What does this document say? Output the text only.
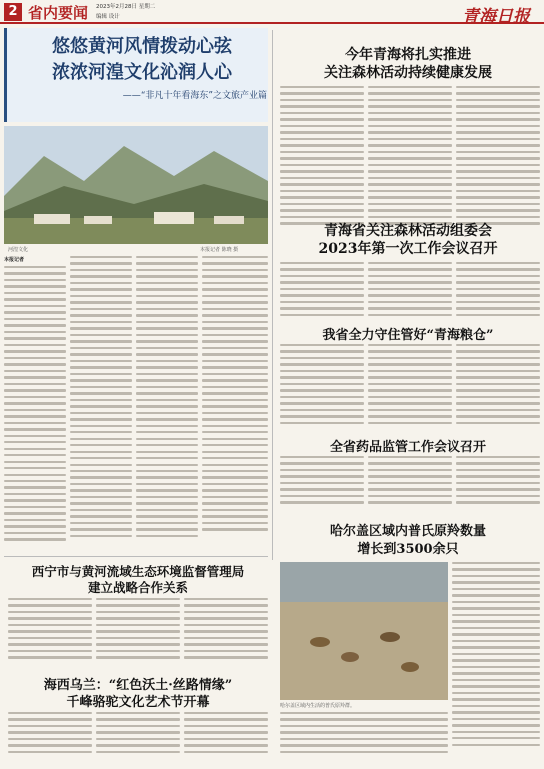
2 省内要闻 2023年2月28日 星期二
编辑 设计	青海日报
悠悠黄河风情拨动心弦
浓浓河湟文化沁润人心
——“非凡十年看海东”之文旅产业篇
河湟文化	本报记者 陈晓 摄
本报记者
今年青海将扎实推进
关注森林活动持续健康发展
青海省关注森林活动组委会
2023年第一次工作会议召开
我省全力守住管好“青海粮仓”
全省药品监管工作会议召开
哈尔盖区域内普氏原羚数量
增长到3500余只
哈尔盖区域内生活的普氏原羚群。
西宁市与黄河流域生态环境监督管理局
建立战略合作关系
海西乌兰：“红色沃土·丝路情缘”
千峰骆驼文化艺术节开幕
